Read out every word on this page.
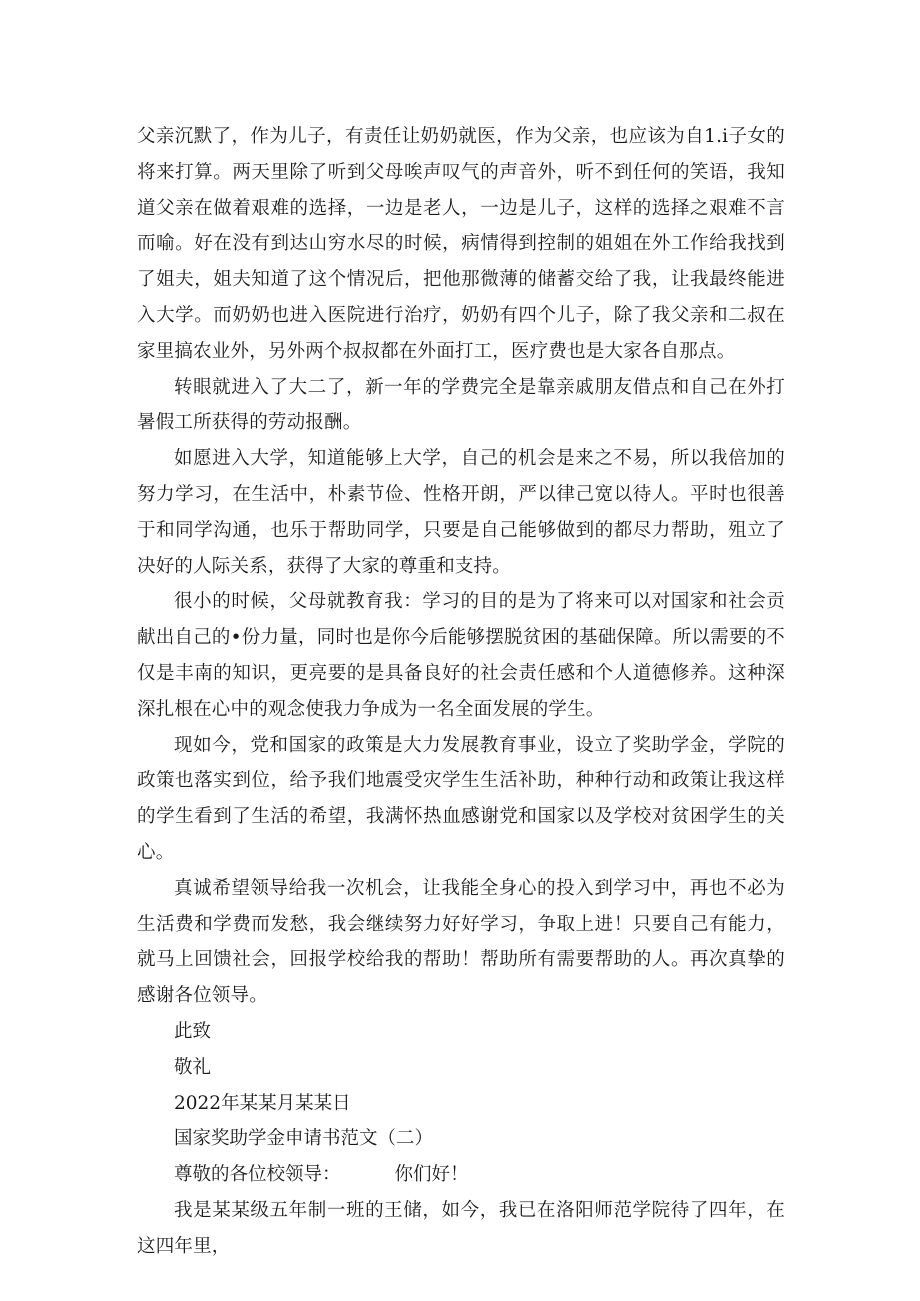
父亲沉默了，作为儿子，有责任让奶奶就医，作为父亲，也应该为自1.i子女的将来打算。两天里除了听到父母唉声叹气的声音外，听不到任何的笑语，我知道父亲在做着艰难的选择，一边是老人，一边是儿子，这样的选择之艰难不言而喻。好在没有到达山穷水尽的时候，病情得到控制的姐姐在外工作给我找到了姐夫，姐夫知道了这个情况后，把他那微薄的储蓄交给了我，让我最终能进入大学。而奶奶也进入医院进行治疗，奶奶有四个儿子，除了我父亲和二叔在家里搞农业外，另外两个叔叔都在外面打工，医疗费也是大家各自那点。

转眼就进入了大二了，新一年的学费完全是靠亲戚朋友借点和自己在外打暑假工所获得的劳动报酬。

如愿进入大学，知道能够上大学，自己的机会是来之不易，所以我倍加的努力学习，在生活中，朴素节俭、性格开朗，严以律己宽以待人。平时也很善于和同学沟通，也乐于帮助同学，只要是自己能够做到的都尽力帮助，殂立了决好的人际关系，获得了大家的尊重和支持。

很小的时候，父母就教育我：学习的目的是为了将来可以对国家和社会贡献出自己的•份力量，同时也是你今后能够摆脱贫困的基础保障。所以需要的不仅是丰南的知识，更亮要的是具备良好的社会责任感和个人道德修养。这种深深扎根在心中的观念使我力争成为一名全面发展的学生。

现如今，党和国家的政策是大力发展教育事业，设立了奖助学金，学院的政策也落实到位，给予我们地震受灾学生生活补助，种种行动和政策让我这样的学生看到了生活的希望，我满怀热血感谢党和国家以及学校对贫困学生的关心。

真诚希望领导给我一次机会，让我能全身心的投入到学习中，再也不必为生活费和学费而发愁，我会继续努力好好学习，争取上进！只要自己有能力，就马上回馈社会，回报学校给我的帮助！帮助所有需要帮助的人。再次真挚的感谢各位领导。

此致

敬礼

2022年某某月某某日

国家奖助学金申请书范文（二）

尊敬的各位校领导：	你们好！

我是某某级五年制一班的王储，如今，我已在洛阳师范学院待了四年，在这四年里，
